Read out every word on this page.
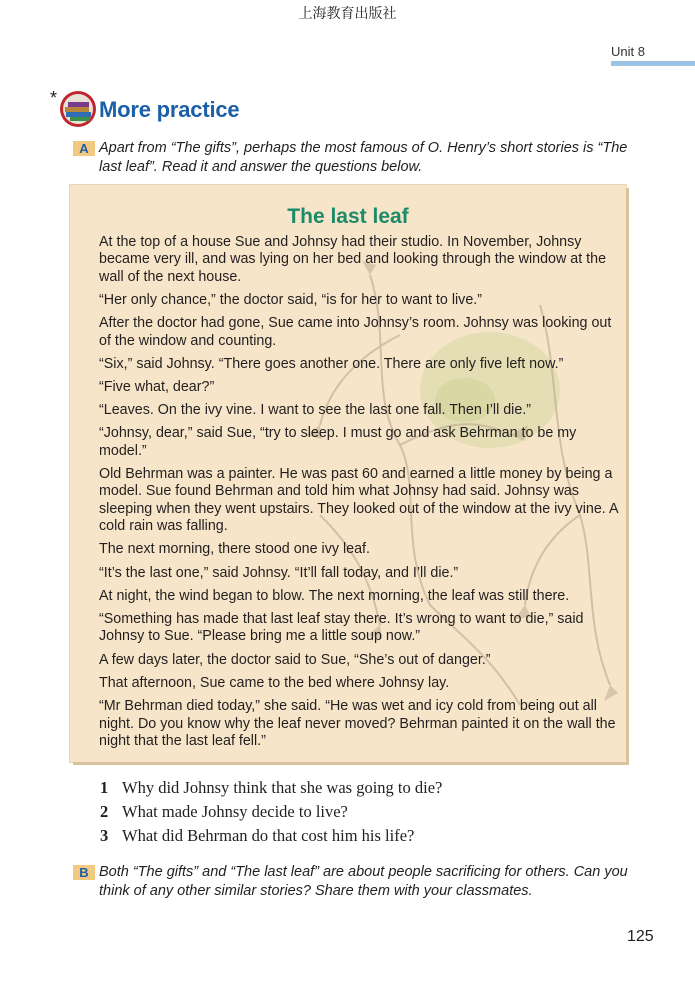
上海教育出版社
Unit 8
* More practice
A Apart from “The gifts”, perhaps the most famous of O. Henry’s short stories is “The last leaf”. Read it and answer the questions below.
The last leaf

At the top of a house Sue and Johnsy had their studio. In November, Johnsy became very ill, and was lying on her bed and looking through the window at the wall of the next house.

“Her only chance,” the doctor said, “is for her to want to live.”

After the doctor had gone, Sue came into Johnsy’s room. Johnsy was looking out of the window and counting.

“Six,” said Johnsy. “There goes another one. There are only five left now.”

“Five what, dear?”

“Leaves. On the ivy vine. I want to see the last one fall. Then I’ll die.”

“Johnsy, dear,” said Sue, “try to sleep. I must go and ask Behrman to be my model.”

Old Behrman was a painter. He was past 60 and earned a little money by being a model. Sue found Behrman and told him what Johnsy had said. Johnsy was sleeping when they went upstairs. They looked out of the window at the ivy vine. A cold rain was falling.

The next morning, there stood one ivy leaf.

“It’s the last one,” said Johnsy. “It’ll fall today, and I’ll die.”

At night, the wind began to blow. The next morning, the leaf was still there.

“Something has made that last leaf stay there. It’s wrong to want to die,” said Johnsy to Sue. “Please bring me a little soup now.”

A few days later, the doctor said to Sue, “She’s out of danger.”

That afternoon, Sue came to the bed where Johnsy lay.

“Mr Behrman died today,” she said. “He was wet and icy cold from being out all night. Do you know why the leaf never moved? Behrman painted it on the wall the night that the last leaf fell.”

1 Why did Johnsy think that she was going to die?
2 What made Johnsy decide to live?
3 What did Behrman do that cost him his life?
B Both “The gifts” and “The last leaf” are about people sacrificing for others. Can you think of any other similar stories? Share them with your classmates.
125
